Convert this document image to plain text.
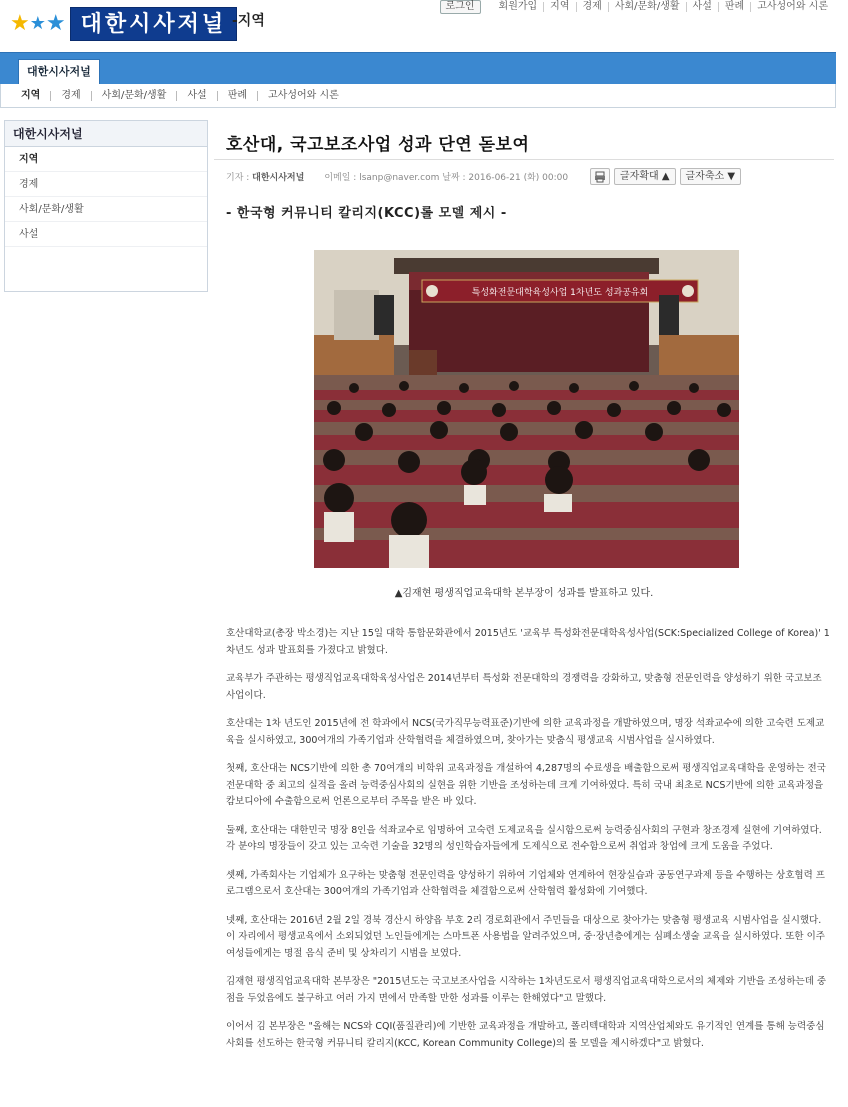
★ ★ ★ 대한시사저널 -지역
로그인	회원가입	지역	경제	사회/문화/생활	사설	판례	고사성어와 시론
대한시사저널
지역	경제	사회/문화/생활	사설	판례	고사성어와 시론
대한시사저널
지역
경제
사회/문화/생활
사설
호산대, 국고보조사업 성과 단연 돋보여
기자 : 대한시사저널 이메일 : lsanp@naver.com 날짜 : 2016-06-21 (화) 00:00	글자확대 ▲	글자축소 ▼
- 한국형 커뮤니티 칼리지(KCC)롤 모델 제시 -
특성화전문대학육성사업 1차년도 성과공유회
▲김재현 평생직업교육대학 본부장이 성과를 발표하고 있다.

호산대학교(총장 박소경)는 지난 15일 대학 통합문화관에서 2015년도 '교육부 특성화전문대학육성사업(SCK:Specialized College of Korea)' 1차년도 성과 발표회를 가졌다고 밝혔다.

교육부가 주관하는 평생직업교육대학육성사업은 2014년부터 특성화 전문대학의 경쟁력을 강화하고, 맞춤형 전문인력을 양성하기 위한 국고보조사업이다.

호산대는 1차 년도인 2015년에 전 학과에서 NCS(국가직무능력표준)기반에 의한 교육과정을 개발하였으며, 명장 석좌교수에 의한 고숙련 도제교육을 실시하였고, 300여개의 가족기업과 산학협력을 체결하였으며, 찾아가는 맞춤식 평생교육 시범사업을 실시하였다.

첫째, 호산대는 NCS기반에 의한 총 70여개의 비학위 교육과정을 개설하여 4,287명의 수료생을 배출함으로써 평생직업교육대학을 운영하는 전국 전문대학 중 최고의 실적을 올려 능력중심사회의 실현을 위한 기반을 조성하는데 크게 기여하였다. 특히 국내 최초로 NCS기반에 의한 교육과정을 캄보디아에 수출함으로써 언론으로부터 주목을 받은 바 있다.

둘째, 호산대는 대한민국 명장 8인을 석좌교수로 임명하여 고숙련 도제교육을 실시함으로써 능력중심사회의 구현과 창조경제 실현에 기여하였다. 각 분야의 명장들이 갖고 있는 고숙련 기술을 32명의 성인학습자들에게 도제식으로 전수함으로써 취업과 창업에 크게 도움을 주었다.

셋째, 가족회사는 기업체가 요구하는 맞춤형 전문인력을 양성하기 위하여 기업체와 연계하여 현장실습과 공동연구과제 등을 수행하는 상호협력 프로그램으로서 호산대는 300여개의 가족기업과 산학협력을 체결함으로써 산학협력 활성화에 기여했다.

넷째, 호산대는 2016년 2월 2일 경북 경산시 하양읍 부호 2리 경로회관에서 주민들을 대상으로 찾아가는 맞춤형 평생교육 시범사업을 실시했다. 이 자리에서 평생교육에서 소외되었던 노인들에게는 스마트폰 사용법을 알려주었으며, 중·장년층에게는 심폐소생술 교육을 실시하였다. 또한 이주여성들에게는 명절 음식 준비 및 상차리기 시범을 보였다.

김재현 평생직업교육대학 본부장은 "2015년도는 국고보조사업을 시작하는 1차년도로서 평생직업교육대학으로서의 체제와 기반을 조성하는데 중점을 두었음에도 불구하고 여러 가지 면에서 만족할 만한 성과를 이루는 한해였다"고 말했다.

이어서 김 본부장은 "올해는 NCS와 CQI(품질관리)에 기반한 교육과정을 개발하고, 폴리텍대학과 지역산업체와도 유기적인 연계를 통해 능력중심사회를 선도하는 한국형 커뮤니티 칼리지(KCC, Korean Community College)의 롤 모델을 제시하겠다"고 밝혔다.
